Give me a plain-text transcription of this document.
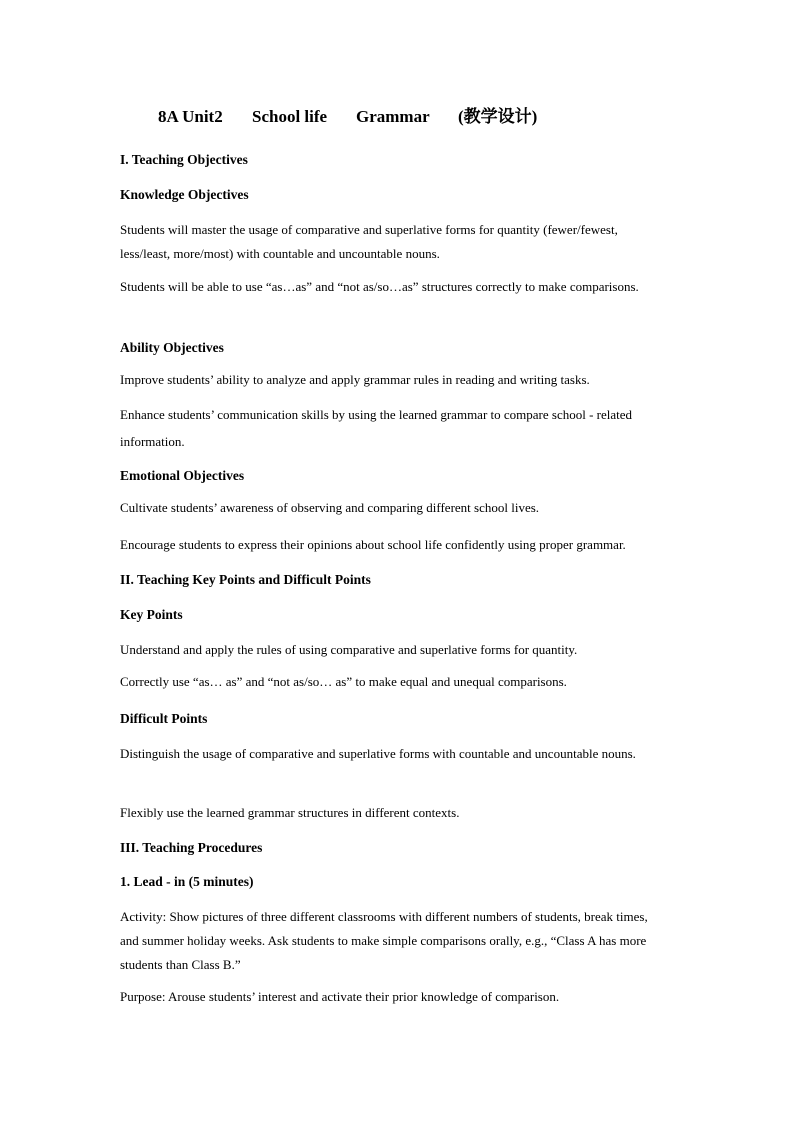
8A Unit2 School life Grammar (教学设计)

I. Teaching Objectives

Knowledge Objectives

Students will master the usage of comparative and superlative forms for quantity (fewer/fewest, less/least, more/most) with countable and uncountable nouns.

Students will be able to use “as…as” and “not as/so…as” structures correctly to make comparisons.

Ability Objectives

Improve students’ ability to analyze and apply grammar rules in reading and writing tasks.

Enhance students’ communication skills by using the learned grammar to compare school - related information.

Emotional Objectives

Cultivate students’ awareness of observing and comparing different school lives.

Encourage students to express their opinions about school life confidently using proper grammar.

II. Teaching Key Points and Difficult Points

Key Points

Understand and apply the rules of using comparative and superlative forms for quantity.

Correctly use “as… as” and “not as/so… as” to make equal and unequal comparisons.

Difficult Points

Distinguish the usage of comparative and superlative forms with countable and uncountable nouns.

Flexibly use the learned grammar structures in different contexts.

III. Teaching Procedures

1. Lead - in (5 minutes)

Activity: Show pictures of three different classrooms with different numbers of students, break times, and summer holiday weeks. Ask students to make simple comparisons orally, e.g., “Class A has more students than Class B.”

Purpose: Arouse students’ interest and activate their prior knowledge of comparison.
